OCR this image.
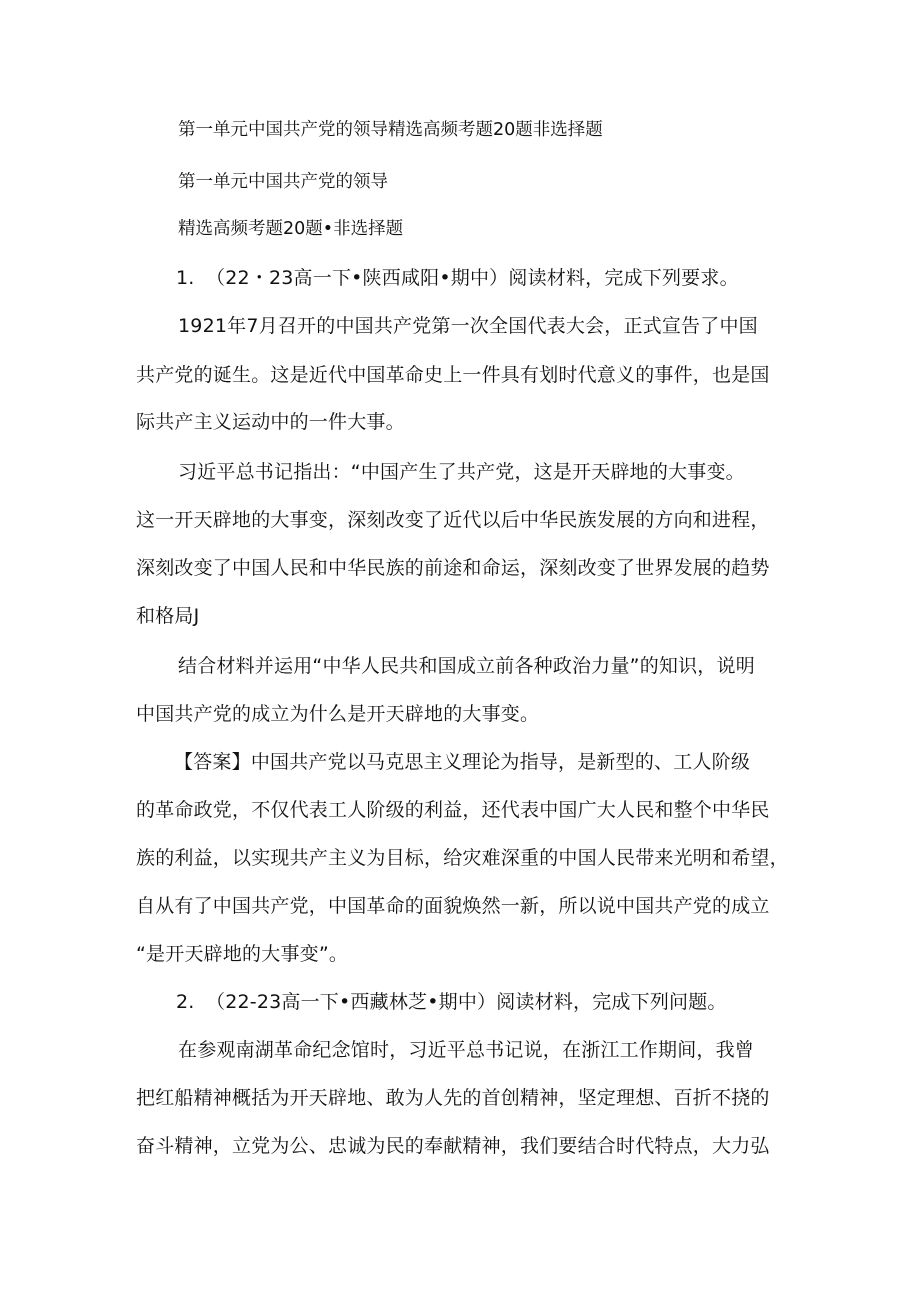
第一单元中国共产党的领导精选高频考题20题非选择题
第一单元中国共产党的领导
精选高频考题20题•非选择题
1. （22・23高一下•陕西咸阳•期中）阅读材料，完成下列要求。
1921年7月召开的中国共产党第一次全国代表大会，正式宣告了中国
共产党的诞生。这是近代中国革命史上一件具有划时代意义的事件，也是国
际共产主义运动中的一件大事。
习近平总书记指出：“中国产生了共产党，这是开天辟地的大事变。
这一开天辟地的大事变，深刻改变了近代以后中华民族发展的方向和进程，
深刻改变了中国人民和中华民族的前途和命运，深刻改变了世界发展的趋势
和格局J
结合材料并运用“中华人民共和国成立前各种政治力量”的知识，说明
中国共产党的成立为什么是开天辟地的大事变。
【答案】中国共产党以马克思主义理论为指导，是新型的、工人阶级
的革命政党，不仅代表工人阶级的利益，还代表中国广大人民和整个中华民
族的利益，以实现共产主义为目标，给灾难深重的中国人民带来光明和希望，
自从有了中国共产党，中国革命的面貌焕然一新，所以说中国共产党的成立
“是开天辟地的大事变”。
2. （22-23高一下•西藏林芝•期中）阅读材料，完成下列问题。
在参观南湖革命纪念馆时，习近平总书记说，在浙江工作期间，我曾
把红船精神概括为开天辟地、敢为人先的首创精神，坚定理想、百折不挠的
奋斗精神，立党为公、忠诚为民的奉献精神，我们要结合时代特点，大力弘
